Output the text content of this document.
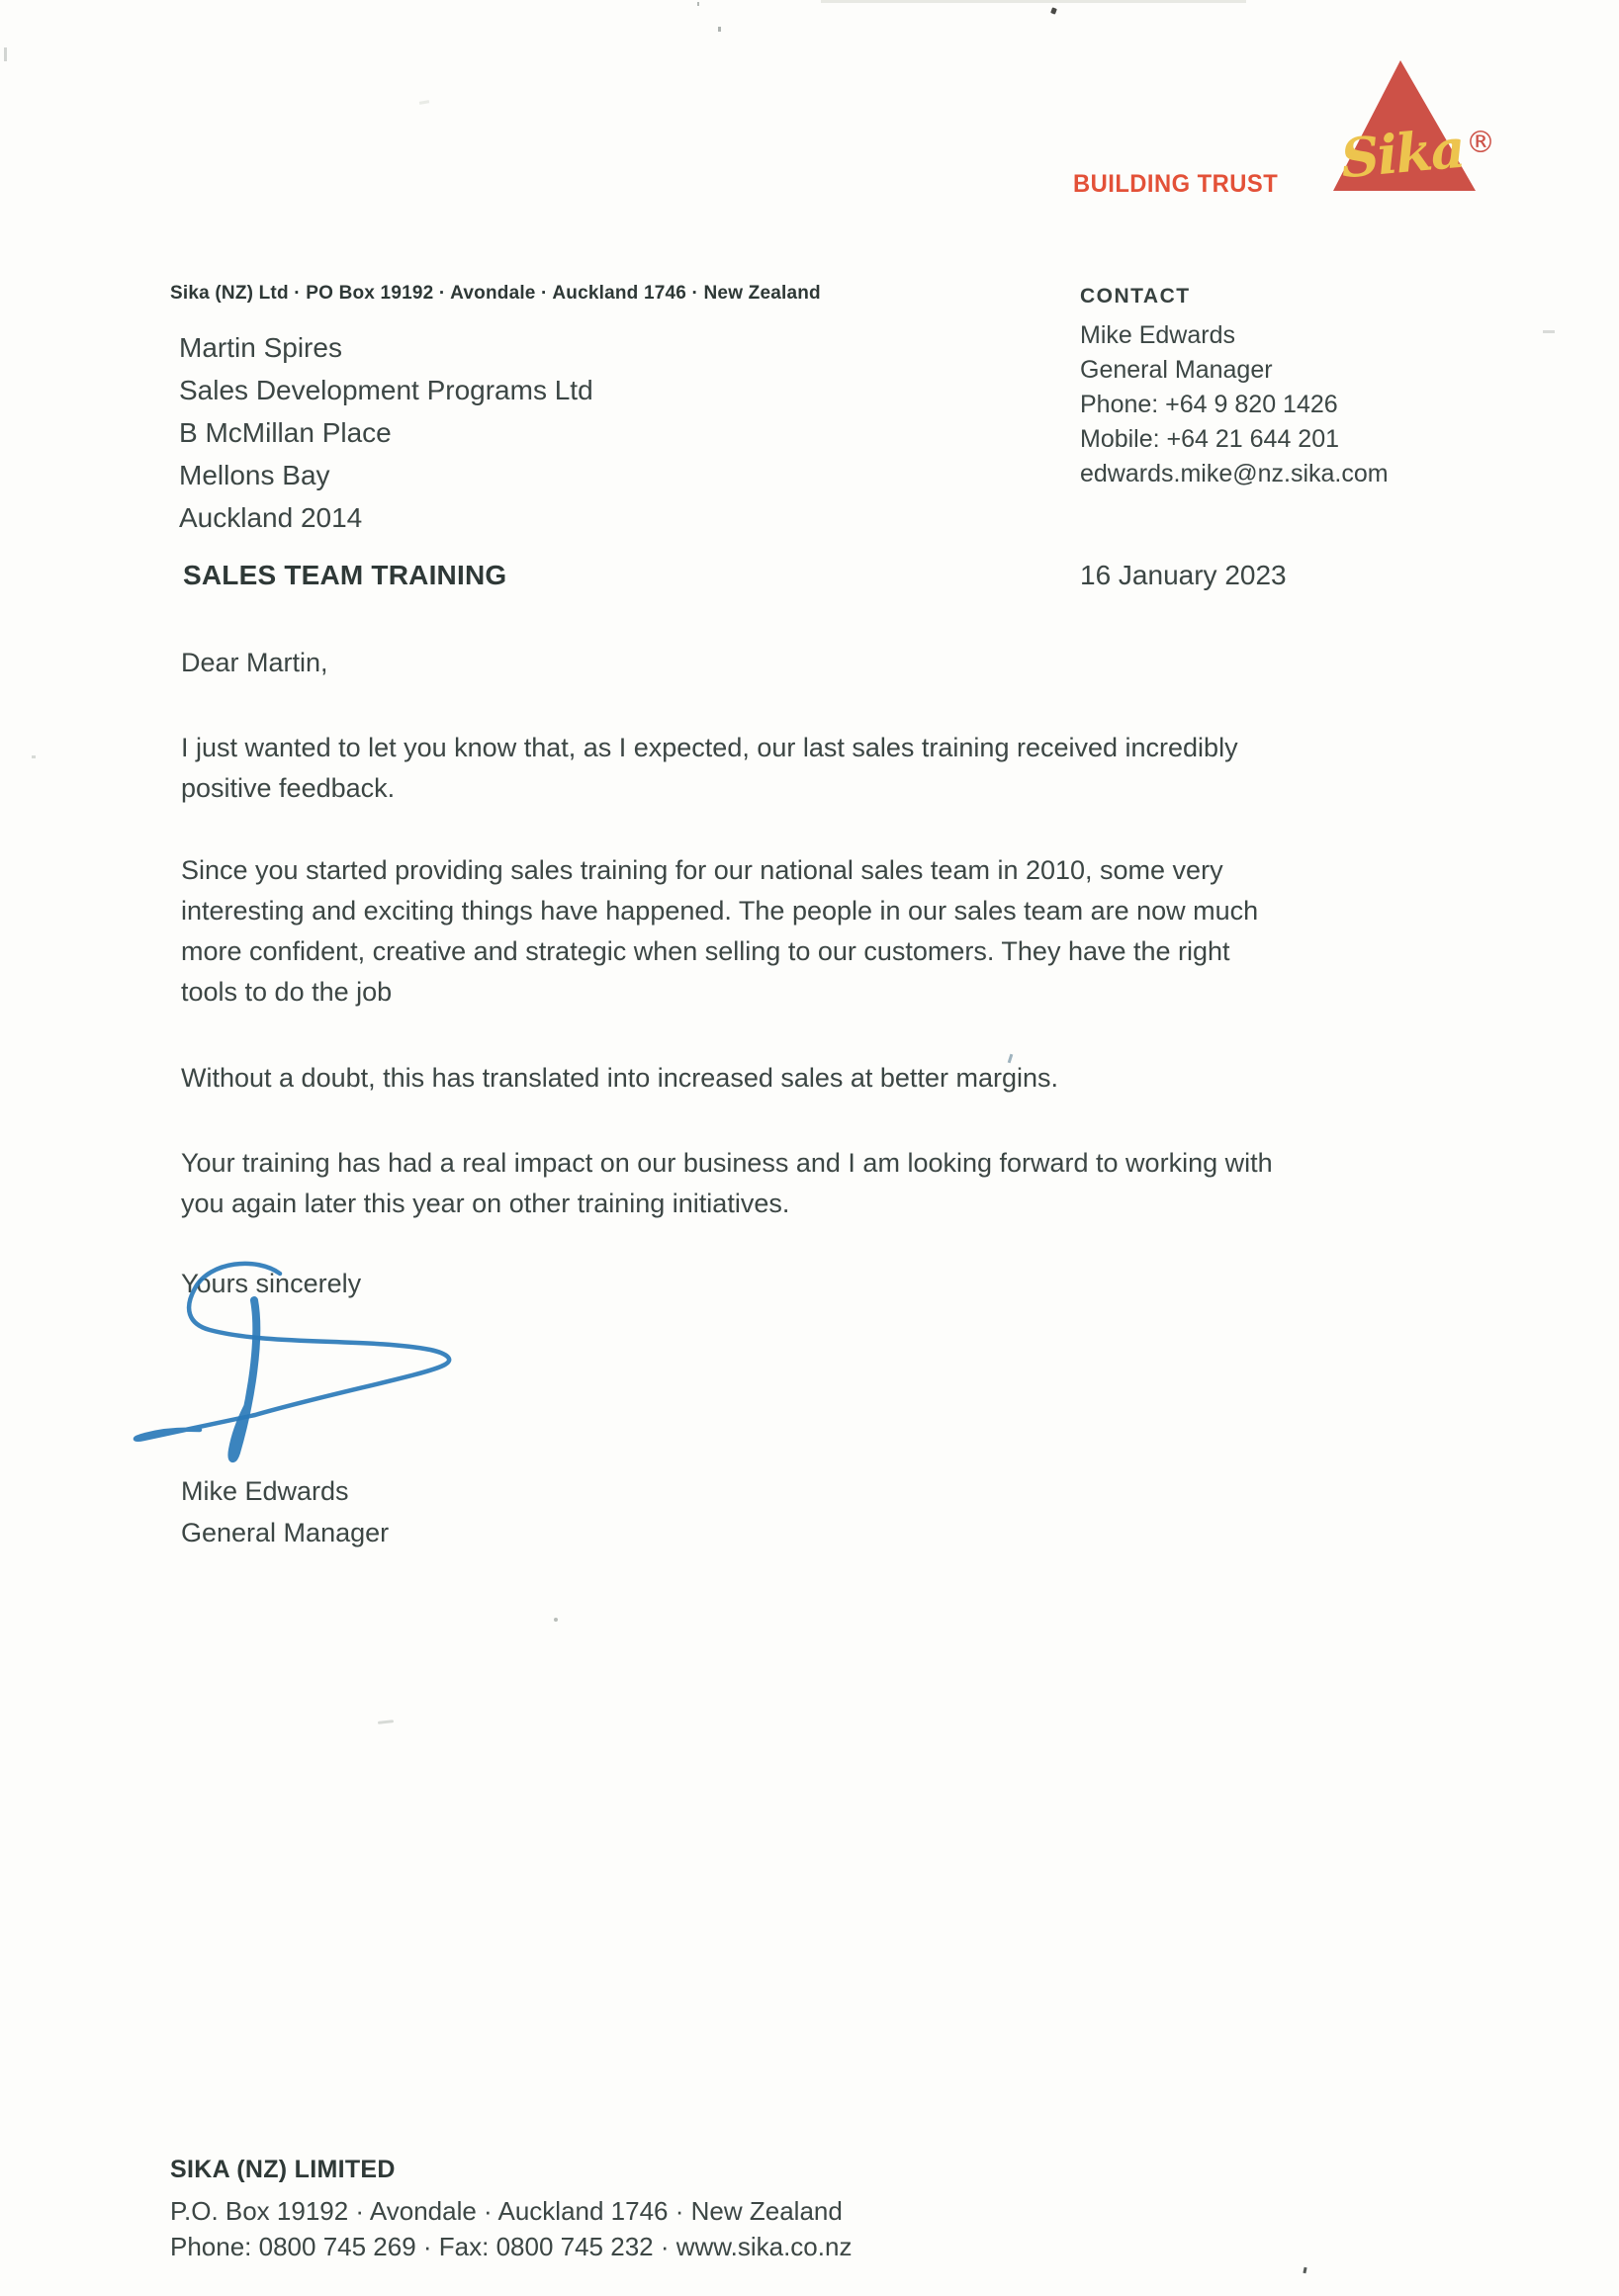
BUILDING TRUST Sika ®
Sika (NZ) Ltd · PO Box 19192 · Avondale · Auckland 1746 · New Zealand
Martin Spires
Sales Development Programs Ltd
B McMillan Place
Mellons Bay
Auckland 2014
CONTACT
Mike Edwards
General Manager
Phone: +64 9 820 1426
Mobile: +64 21 644 201
edwards.mike@nz.sika.com
SALES TEAM TRAINING	16 January 2023
Dear Martin,
I just wanted to let you know that, as I expected, our last sales training received incredibly
positive feedback.
Since you started providing sales training for our national sales team in 2010, some very
interesting and exciting things have happened. The people in our sales team are now much
more confident, creative and strategic when selling to our customers. They have the right
tools to do the job
Without a doubt, this has translated into increased sales at better margins.
Your training has had a real impact on our business and I am looking forward to working with
you again later this year on other training initiatives.
Yours sincerely
Mike Edwards
General Manager
SIKA (NZ) LIMITED
P.O. Box 19192 · Avondale · Auckland 1746 · New Zealand
Phone: 0800 745 269 · Fax: 0800 745 232 · www.sika.co.nz
